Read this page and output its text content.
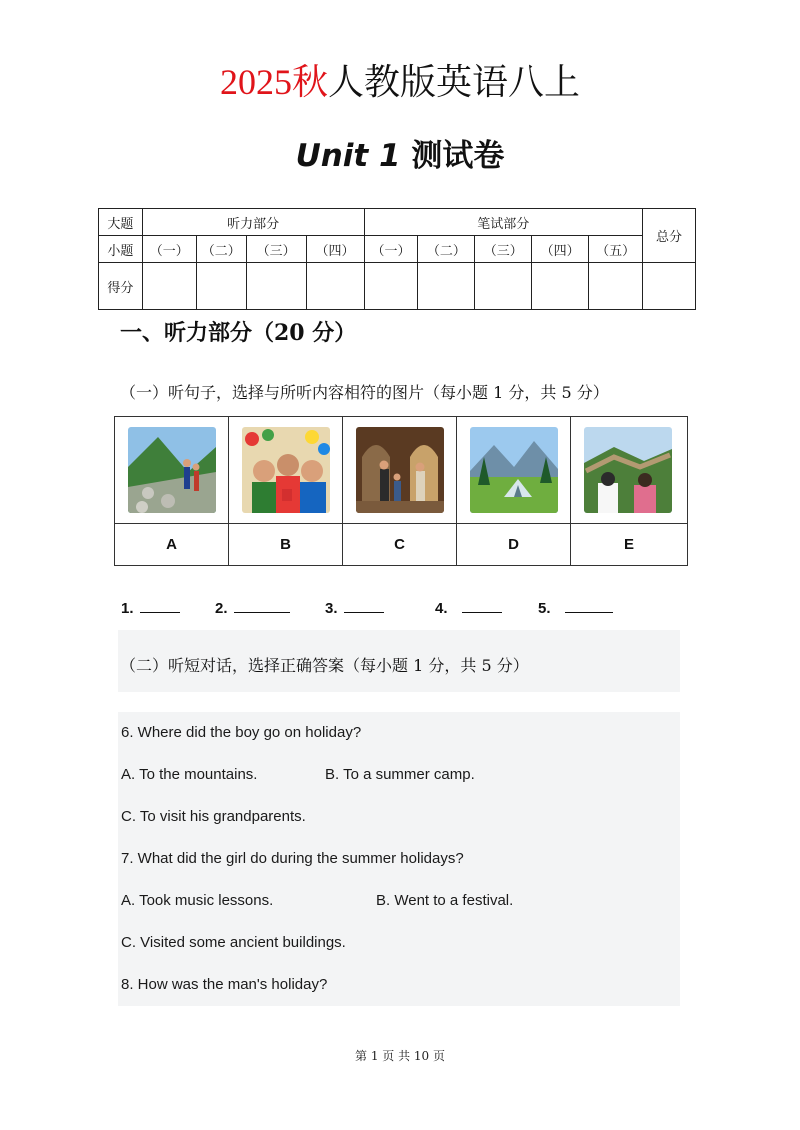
2025秋人教版英语八上
Unit 1 测试卷
大题	听力部分				笔试部分					总分
小题	（一）	（二）	（三）	（四）	（一）	（二）	（三）	（四）	（五）	
得分										
一、听力部分（20 分）
（一）听句子，选择与所听内容相符的图片（每小题 1 分，共 5 分）
A	B	C	D	E
1.	2.	3.	4.	5.
（二）听短对话，选择正确答案（每小题 1 分，共 5 分）
6. Where did the boy go on holiday?
A. To the mountains.	B. To a summer camp.
C. To visit his grandparents.
7. What did the girl do during the summer holidays?
A. Took music lessons.	B. Went to a festival.
C. Visited some ancient buildings.
8. How was the man's holiday?
第 1 页 共 10 页
